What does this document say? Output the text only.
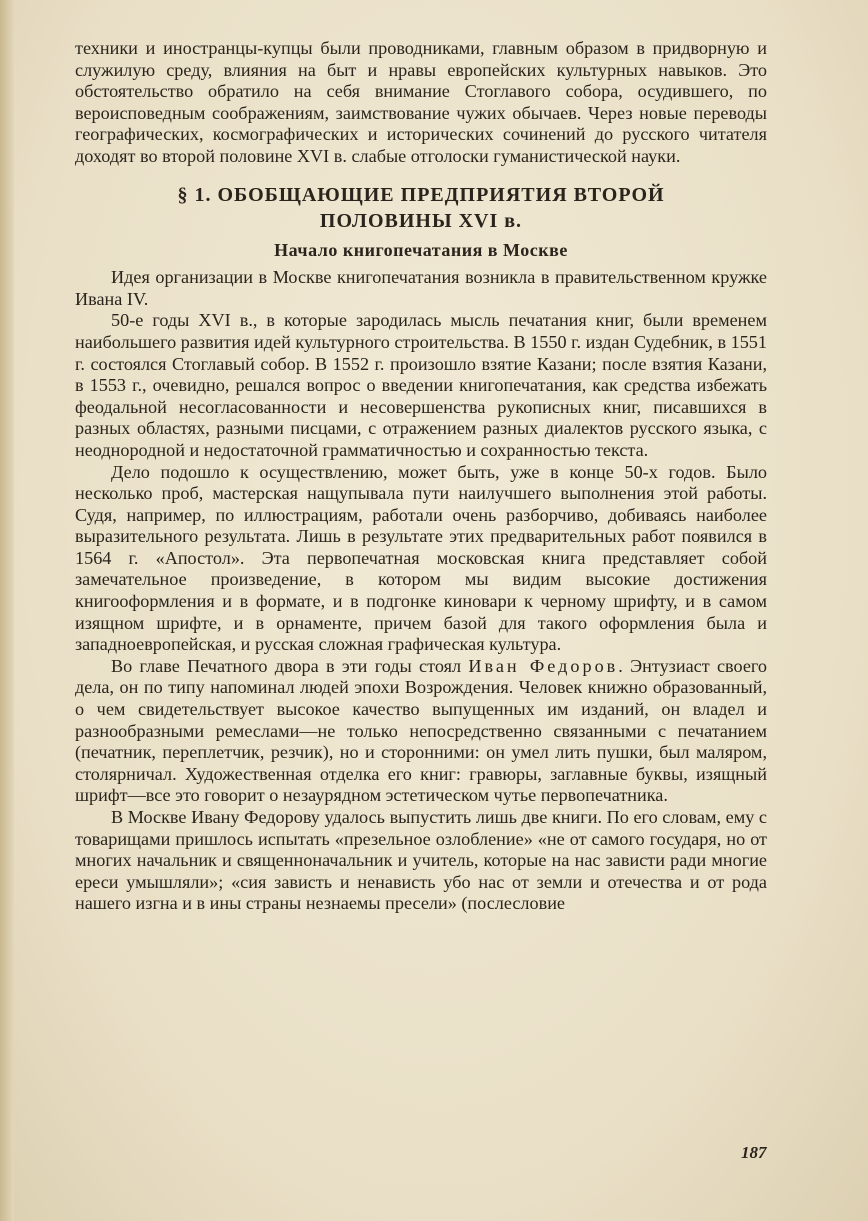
техники и иностранцы-купцы были проводниками, главным образом в придворную и служилую среду, влияния на быт и нравы европейских культурных навыков. Это обстоятельство обратило на себя внимание Стоглавого собора, осудившего, по вероисповедным соображениям, заимствование чужих обычаев. Через новые переводы географических, космографических и исторических сочинений до русского читателя доходят во второй половине XVI в. слабые отголоски гуманистической науки.

§ 1. ОБОБЩАЮЩИЕ ПРЕДПРИЯТИЯ ВТОРОЙ
ПОЛОВИНЫ XVI в.
Начало книгопечатания в Москве

Идея организации в Москве книгопечатания возникла в правительственном кружке Ивана IV.

50-е годы XVI в., в которые зародилась мысль печатания книг, были временем наибольшего развития идей культурного строительства. В 1550 г. издан Судебник, в 1551 г. состоялся Стоглавый собор. В 1552 г. произошло взятие Казани; после взятия Казани, в 1553 г., очевидно, решался вопрос о введении книгопечатания, как средства избежать феодальной несогласованности и несовершенства рукописных книг, писавшихся в разных областях, разными писцами, с отражением разных диалектов русского языка, с неоднородной и недостаточной грамматичностью и сохранностью текста.

Дело подошло к осуществлению, может быть, уже в конце 50-х годов. Было несколько проб, мастерская нащупывала пути наилучшего выполнения этой работы. Судя, например, по иллюстрациям, работали очень разборчиво, добиваясь наиболее выразительного результата. Лишь в результате этих предварительных работ появился в 1564 г. «Апостол». Эта первопечатная московская книга представляет собой замечательное произведение, в котором мы видим высокие достижения книгооформления и в формате, и в подгонке киновари к черному шрифту, и в самом изящном шрифте, и в орнаменте, причем базой для такого оформления была и западноевропейская, и русская сложная графическая культура.

Во главе Печатного двора в эти годы стоял Иван Федоров. Энтузиаст своего дела, он по типу напоминал людей эпохи Возрождения. Человек книжно образованный, о чем свидетельствует высокое качество выпущенных им изданий, он владел и разнообразными ремеслами—не только непосредственно связанными с печатанием (печатник, переплетчик, резчик), но и сторонними: он умел лить пушки, был маляром, столярничал. Художественная отделка его книг: гравюры, заглавные буквы, изящный шрифт—все это говорит о незаурядном эстетическом чутье первопечатника.

В Москве Ивану Федорову удалось выпустить лишь две книги. По его словам, ему с товарищами пришлось испытать «презельное озлобление» «не от самого государя, но от многих начальник и священноначальник и учитель, которые на нас зависти ради многие ереси умышляли»; «сия зависть и ненависть убо нас от земли и отечества и от рода нашего изгна и в ины страны незнаемы пресели» (послесловие

187
